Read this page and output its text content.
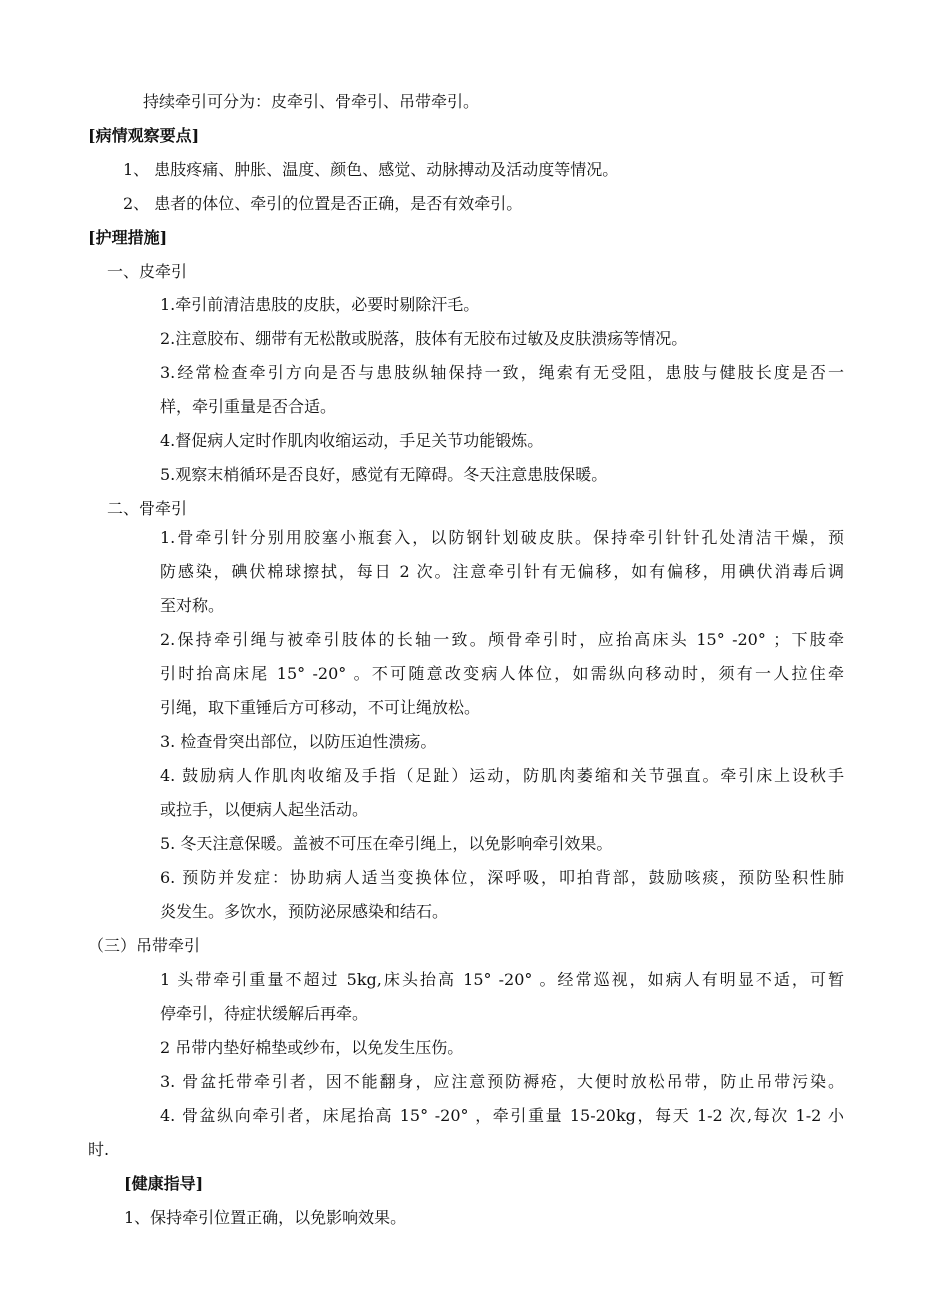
持续牵引可分为：皮牵引、骨牵引、吊带牵引。
[病情观察要点]
1、 患肢疼痛、肿胀、温度、颜色、感觉、动脉搏动及活动度等情况。
2、 患者的体位、牵引的位置是否正确，是否有效牵引。
[护理措施]
一、皮牵引
1.牵引前清洁患肢的皮肤，必要时剔除汗毛。
2.注意胶布、绷带有无松散或脱落，肢体有无胶布过敏及皮肤溃疡等情况。
3.经常检查牵引方向是否与患肢纵轴保持一致，绳索有无受阻，患肢与健肢长度是否一
样，牵引重量是否合适。
4.督促病人定时作肌肉收缩运动，手足关节功能锻炼。
5.观察末梢循环是否良好，感觉有无障碍。冬天注意患肢保暖。
二、骨牵引
1.骨牵引针分别用胶塞小瓶套入，以防钢针划破皮肤。保持牵引针针孔处清洁干燥，预
防感染，碘伏棉球擦拭，每日 2 次。注意牵引针有无偏移，如有偏移，用碘伏消毒后调
至对称。
2.保持牵引绳与被牵引肢体的长轴一致。颅骨牵引时，应抬高床头 15° -20° ；下肢牵
引时抬高床尾 15° -20° 。不可随意改变病人体位，如需纵向移动时，须有一人拉住牵
引绳，取下重锤后方可移动，不可让绳放松。
3. 检查骨突出部位，以防压迫性溃疡。
4. 鼓励病人作肌肉收缩及手指（足趾）运动，防肌肉萎缩和关节强直。牵引床上设秋手
或拉手，以便病人起坐活动。
5. 冬天注意保暖。盖被不可压在牵引绳上，以免影响牵引效果。
6. 预防并发症：协助病人适当变换体位，深呼吸，叩拍背部，鼓励咳痰，预防坠积性肺
炎发生。多饮水，预防泌尿感染和结石。
（三）吊带牵引
1 头带牵引重量不超过 5kg,床头抬高 15° -20° 。经常巡视，如病人有明显不适，可暂
停牵引，待症状缓解后再牵。
2 吊带内垫好棉垫或纱布，以免发生压伤。
3. 骨盆托带牵引者，因不能翻身，应注意预防褥疮，大便时放松吊带，防止吊带污染。
4. 骨盆纵向牵引者，床尾抬高 15° -20° ，牵引重量 15-20kg，每天 1-2 次,每次 1-2 小
时.
[健康指导]
1、保持牵引位置正确，以免影响效果。
